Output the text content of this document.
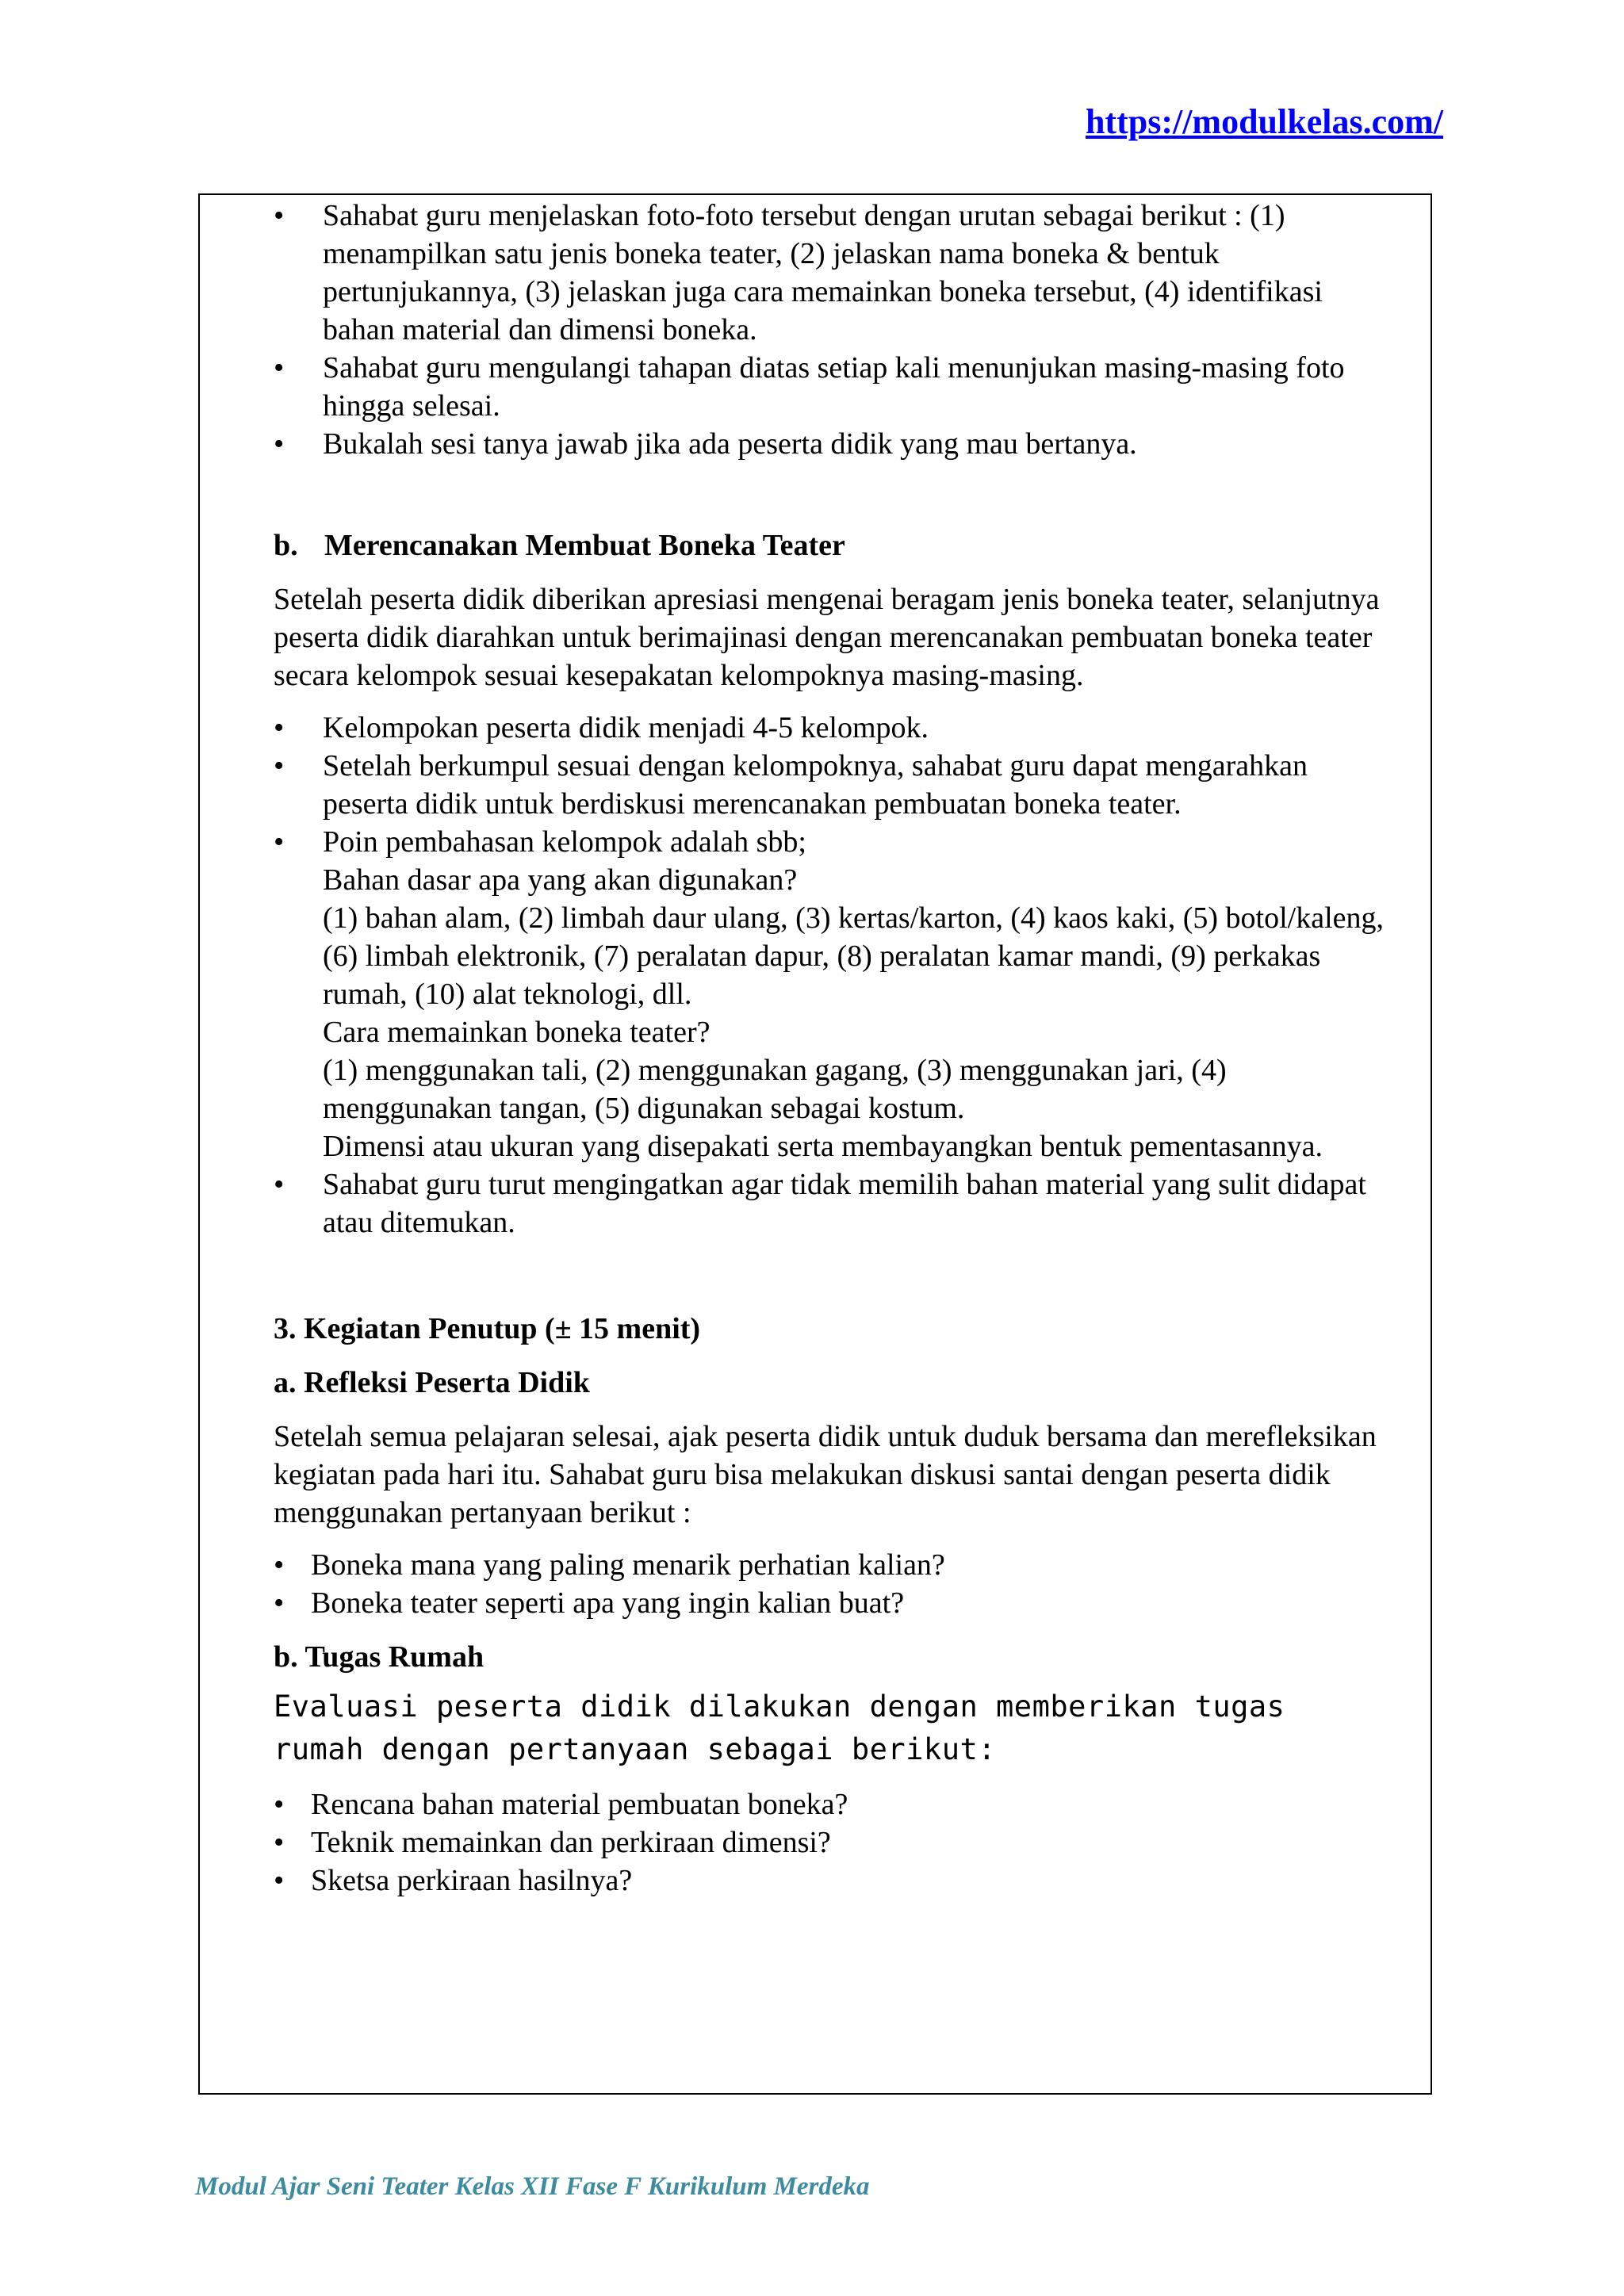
https://modulkelas.com/
• Sahabat guru menjelaskan foto-foto tersebut dengan urutan sebagai berikut : (1) menampilkan satu jenis boneka teater, (2) jelaskan nama boneka & bentuk pertunjukannya, (3) jelaskan juga cara memainkan boneka tersebut, (4) identifikasi bahan material dan dimensi boneka.
• Sahabat guru mengulangi tahapan diatas setiap kali menunjukan masing-masing foto hingga selesai.
• Bukalah sesi tanya jawab jika ada peserta didik yang mau bertanya.

b. Merencanakan Membuat Boneka Teater

Setelah peserta didik diberikan apresiasi mengenai beragam jenis boneka teater, selanjutnya peserta didik diarahkan untuk berimajinasi dengan merencanakan pembuatan boneka teater secara kelompok sesuai kesepakatan kelompoknya masing-masing.

• Kelompokan peserta didik menjadi 4-5 kelompok.
• Setelah berkumpul sesuai dengan kelompoknya, sahabat guru dapat mengarahkan peserta didik untuk berdiskusi merencanakan pembuatan boneka teater.
• Poin pembahasan kelompok adalah sbb;
Bahan dasar apa yang akan digunakan?
(1) bahan alam, (2) limbah daur ulang, (3) kertas/karton, (4) kaos kaki, (5) botol/kaleng, (6) limbah elektronik, (7) peralatan dapur, (8) peralatan kamar mandi, (9) perkakas rumah, (10) alat teknologi, dll.
Cara memainkan boneka teater?
(1) menggunakan tali, (2) menggunakan gagang, (3) menggunakan jari, (4) menggunakan tangan, (5) digunakan sebagai kostum.
Dimensi atau ukuran yang disepakati serta membayangkan bentuk pementasannya.
• Sahabat guru turut mengingatkan agar tidak memilih bahan material yang sulit didapat atau ditemukan.

3. Kegiatan Penutup (± 15 menit)

a. Refleksi Peserta Didik

Setelah semua pelajaran selesai, ajak peserta didik untuk duduk bersama dan merefleksikan kegiatan pada hari itu. Sahabat guru bisa melakukan diskusi santai dengan peserta didik menggunakan pertanyaan berikut :

• Boneka mana yang paling menarik perhatian kalian?
• Boneka teater seperti apa yang ingin kalian buat?

b. Tugas Rumah

Evaluasi peserta didik dilakukan dengan memberikan tugas rumah dengan pertanyaan sebagai berikut:

• Rencana bahan material pembuatan boneka?
• Teknik memainkan dan perkiraan dimensi?
• Sketsa perkiraan hasilnya?
Modul Ajar Seni Teater Kelas XII Fase F Kurikulum Merdeka
